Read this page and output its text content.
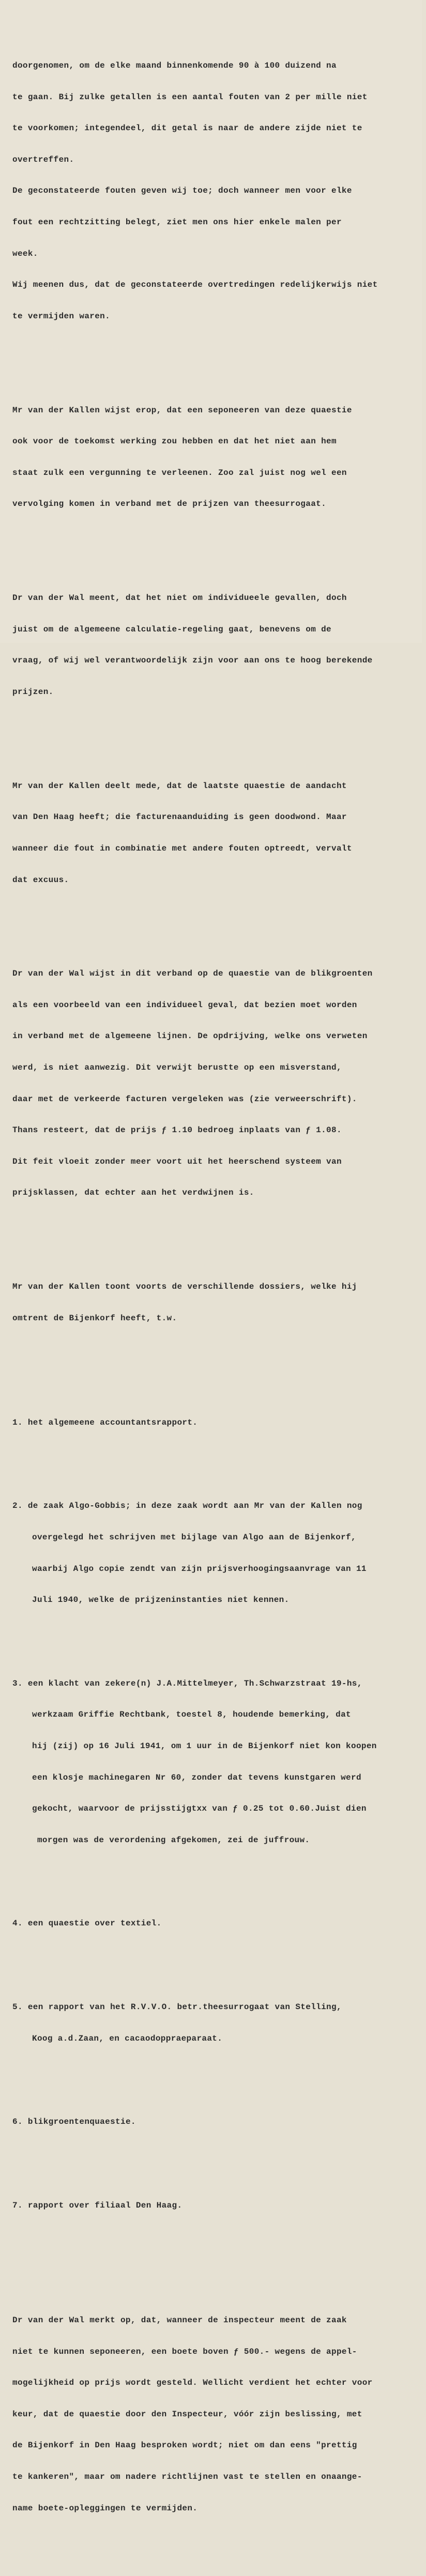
doorgenomen, om de elke maand binnenkomende 90 à 100 duizend na

te gaan. Bij zulke getallen is een aantal fouten van 2 per mille niet

te voorkomen; integendeel, dit getal is naar de andere zijde niet te

overtreffen.

De geconstateerde fouten geven wij toe; doch wanneer men voor elke

fout een rechtzitting belegt, ziet men ons hier enkele malen per

week.

Wij meenen dus, dat de geconstateerde overtredingen redelijkerwijs niet

te vermijden waren.

Mr van der Kallen wijst erop, dat een seponeeren van deze quaestie

ook voor de toekomst werking zou hebben en dat het niet aan hem

staat zulk een vergunning te verleenen. Zoo zal juist nog wel een

vervolging komen in verband met de prijzen van theesurrogaat.

Dr van der Wal meent, dat het niet om individueele gevallen, doch

juist om de algemeene calculatie-regeling gaat, benevens om de

vraag, of wij wel verantwoordelijk zijn voor aan ons te hoog berekende

prijzen.

Mr van der Kallen deelt mede, dat de laatste quaestie de aandacht

van Den Haag heeft; die facturenaanduiding is geen doodwond. Maar

wanneer die fout in combinatie met andere fouten optreedt, vervalt

dat excuus.

Dr van der Wal wijst in dit verband op de quaestie van de blikgroenten

als een voorbeeld van een individueel geval, dat bezien moet worden

in verband met de algemeene lijnen. De opdrijving, welke ons verweten

werd, is niet aanwezig. Dit verwijt berustte op een misverstand,

daar met de verkeerde facturen vergeleken was (zie verweerschrift).

Thans resteert, dat de prijs ƒ 1.10 bedroeg inplaats van ƒ 1.08.

Dit feit vloeit zonder meer voort uit het heerschend systeem van

prijsklassen, dat echter aan het verdwijnen is.

Mr van der Kallen toont voorts de verschillende dossiers, welke hij

omtrent de Bijenkorf heeft, t.w.

1. het algemeene accountantsrapport.

2. de zaak Algo-Gobbis; in deze zaak wordt aan Mr van der Kallen nog

overgelegd het schrijven met bijlage van Algo aan de Bijenkorf,

waarbij Algo copie zendt van zijn prijsverhoogingsaanvrage van 11

Juli 1940, welke de prijzeninstanties niet kennen.

3. een klacht van zekere(n) J.A.Mittelmeyer, Th.Schwarzstraat 19-hs,

werkzaam Griffie Rechtbank, toestel 8, houdende bemerking, dat

hij (zij) op 16 Juli 1941, om 1 uur in de Bijenkorf niet kon koopen

een klosje machinegaren Nr 60, zonder dat tevens kunstgaren werd

gekocht, waarvoor de prijsstijgtxx van ƒ 0.25 tot 0.60.Juist dien

morgen was de verordening afgekomen, zei de juffrouw.

4. een quaestie over textiel.

5. een rapport van het R.V.V.O. betr.theesurrogaat van Stelling,

Koog a.d.Zaan, en cacaodoppraeparaat.

6. blikgroentenquaestie.

7. rapport over filiaal Den Haag.

Dr van der Wal merkt op, dat, wanneer de inspecteur meent de zaak

niet te kunnen seponeeren, een boete boven ƒ 500.- wegens de appel-

mogelijkheid op prijs wordt gesteld. Wellicht verdient het echter voor

keur, dat de quaestie door den Inspecteur, vóór zijn beslissing, met

de Bijenkorf in Den Haag besproken wordt; niet om dan eens "prettig

te kankeren", maar om nadere richtlijnen vast te stellen en onaange-

name boete-opleggingen te vermijden.
